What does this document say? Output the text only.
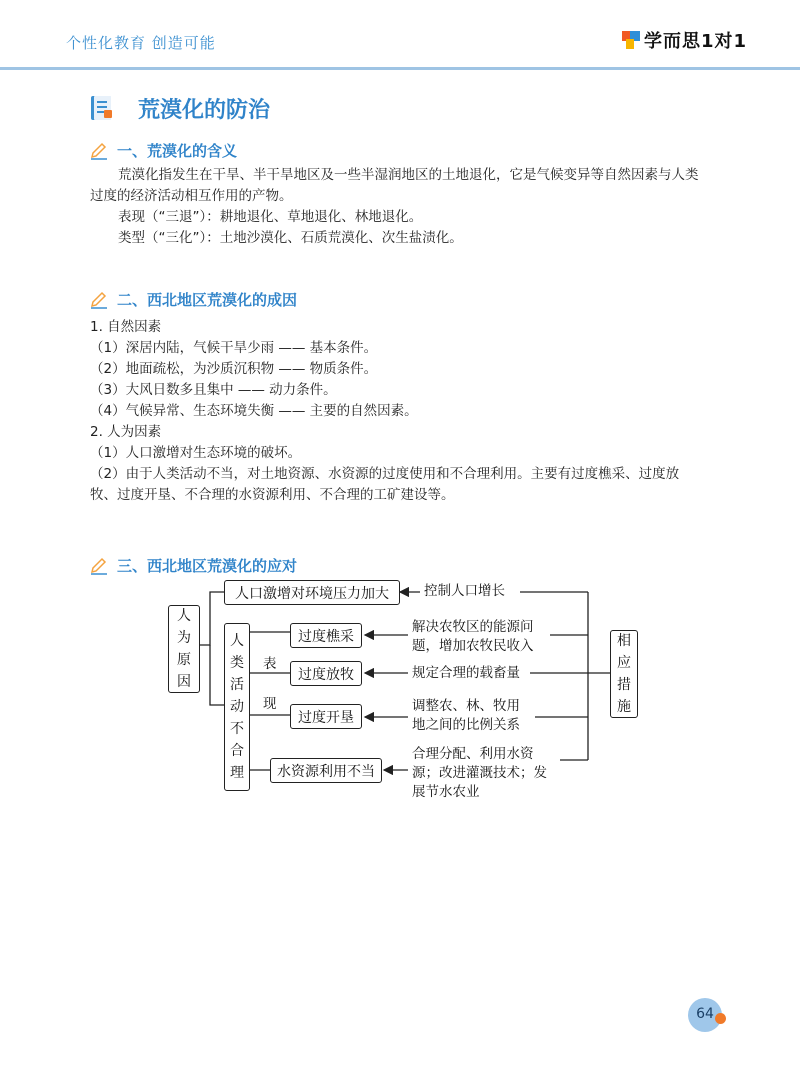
个性化教育 创造可能	学而思1对1
荒漠化的防治
一、荒漠化的含义
荒漠化指发生在干旱、半干旱地区及一些半湿润地区的土地退化，它是气候变异等自然因素与人类
过度的经济活动相互作用的产物。
表现（“三退”）：耕地退化、草地退化、林地退化。
类型（“三化”）：土地沙漠化、石质荒漠化、次生盐渍化。
二、西北地区荒漠化的成因
1. 自然因素
（1）深居内陆，气候干旱少雨 —— 基本条件。
（2）地面疏松，为沙质沉积物 —— 物质条件。
（3）大风日数多且集中 —— 动力条件。
（4）气候异常、生态环境失衡 —— 主要的自然因素。
2. 人为因素
（1）人口激增对生态环境的破坏。
（2）由于人类活动不当，对土地资源、水资源的过度使用和不合理利用。主要有过度樵采、过度放
牧、过度开垦、不合理的水资源利用、不合理的工矿建设等。
三、西北地区荒漠化的应对
人
为
原
因
人口激增对环境压力加大
人
类
活
动
不
合
理
表
现
过度樵采
过度放牧
过度开垦
水资源利用不当
控制人口增长
解决农牧区的能源问
题，增加农牧民收入
规定合理的载畜量
调整农、林、牧用
地之间的比例关系
合理分配、利用水资
源；改进灌溉技术；发
展节水农业
相
应
措
施
64
